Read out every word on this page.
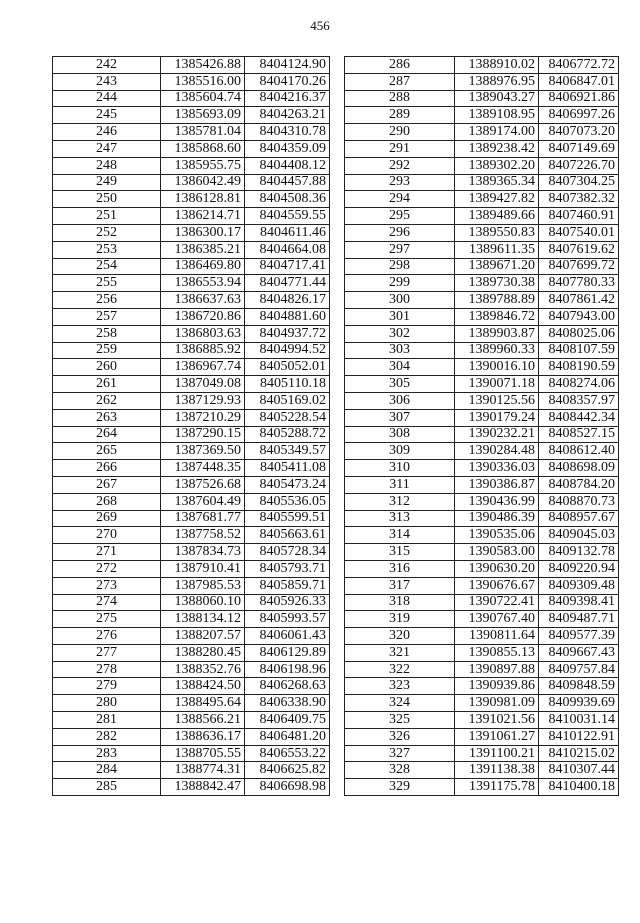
456
242	1385426.88	8404124.90
243	1385516.00	8404170.26
244	1385604.74	8404216.37
245	1385693.09	8404263.21
246	1385781.04	8404310.78
247	1385868.60	8404359.09
248	1385955.75	8404408.12
249	1386042.49	8404457.88
250	1386128.81	8404508.36
251	1386214.71	8404559.55
252	1386300.17	8404611.46
253	1386385.21	8404664.08
254	1386469.80	8404717.41
255	1386553.94	8404771.44
256	1386637.63	8404826.17
257	1386720.86	8404881.60
258	1386803.63	8404937.72
259	1386885.92	8404994.52
260	1386967.74	8405052.01
261	1387049.08	8405110.18
262	1387129.93	8405169.02
263	1387210.29	8405228.54
264	1387290.15	8405288.72
265	1387369.50	8405349.57
266	1387448.35	8405411.08
267	1387526.68	8405473.24
268	1387604.49	8405536.05
269	1387681.77	8405599.51
270	1387758.52	8405663.61
271	1387834.73	8405728.34
272	1387910.41	8405793.71
273	1387985.53	8405859.71
274	1388060.10	8405926.33
275	1388134.12	8405993.57
276	1388207.57	8406061.43
277	1388280.45	8406129.89
278	1388352.76	8406198.96
279	1388424.50	8406268.63
280	1388495.64	8406338.90
281	1388566.21	8406409.75
282	1388636.17	8406481.20
283	1388705.55	8406553.22
284	1388774.31	8406625.82
285	1388842.47	8406698.98
286	1388910.02	8406772.72
287	1388976.95	8406847.01
288	1389043.27	8406921.86
289	1389108.95	8406997.26
290	1389174.00	8407073.20
291	1389238.42	8407149.69
292	1389302.20	8407226.70
293	1389365.34	8407304.25
294	1389427.82	8407382.32
295	1389489.66	8407460.91
296	1389550.83	8407540.01
297	1389611.35	8407619.62
298	1389671.20	8407699.72
299	1389730.38	8407780.33
300	1389788.89	8407861.42
301	1389846.72	8407943.00
302	1389903.87	8408025.06
303	1389960.33	8408107.59
304	1390016.10	8408190.59
305	1390071.18	8408274.06
306	1390125.56	8408357.97
307	1390179.24	8408442.34
308	1390232.21	8408527.15
309	1390284.48	8408612.40
310	1390336.03	8408698.09
311	1390386.87	8408784.20
312	1390436.99	8408870.73
313	1390486.39	8408957.67
314	1390535.06	8409045.03
315	1390583.00	8409132.78
316	1390630.20	8409220.94
317	1390676.67	8409309.48
318	1390722.41	8409398.41
319	1390767.40	8409487.71
320	1390811.64	8409577.39
321	1390855.13	8409667.43
322	1390897.88	8409757.84
323	1390939.86	8409848.59
324	1390981.09	8409939.69
325	1391021.56	8410031.14
326	1391061.27	8410122.91
327	1391100.21	8410215.02
328	1391138.38	8410307.44
329	1391175.78	8410400.18
